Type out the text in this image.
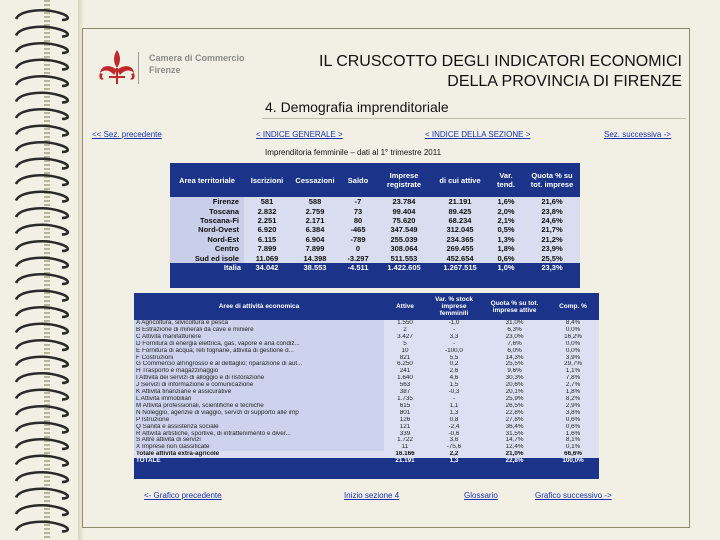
Camera di Commercio
Firenze	IL CRUSCOTTO DEGLI INDICATORI ECONOMICI
DELLA PROVINCIA DI FIRENZE
4. Demografia imprenditoriale
<< Sez. precedente	< INDICE GENERALE >	< INDICE DELLA SEZIONE >	Sez. successiva ->
Imprenditoria femminile – dati al 1° trimestre 2011
Area territoriale	Iscrizioni	Cessazioni	Saldo	Imprese registrate	di cui attive	Var. tend.	Quota % su tot. imprese
Firenze	581	588	-7	23.784	21.191	1,6%	21,6%
Toscana	2.832	2.759	73	99.404	89.425	2,0%	23,8%
Toscana-Fi	2.251	2.171	80	75.620	68.234	2,1%	24,6%
Nord-Ovest	6.920	6.384	-465	347.549	312.045	0,5%	21,7%
Nord-Est	6.115	6.904	-789	255.039	234.365	1,3%	21,2%
Centro	7.899	7.899	0	308.064	269.455	1,8%	23,9%
Sud ed isole	11.069	14.398	-3.297	511.553	452.654	0,6%	25,5%
Italia	34.042	38.553	-4.511	1.422.605	1.267.515	1,0%	23,3%
Aree di attività economica	Attive	Var. % stock imprese femminili	Quota % su tot. imprese attive	Comp. %
A Agricoltura, silvicoltura e pesca	1.550	-1,0	31,0%	8,4%
B Estrazione di minerali da cave e miniere	2	-	6,3%	0,0%
C Attività manifatturiere	3.427	3,3	23,0%	16,2%
D Fornitura di energia elettrica, gas, vapore e aria condiz...	5	-	7,6%	0,0%
E Fornitura di acqua; reti fognarie, attività di gestione d...	10	-100,0	6,0%	0,0%
F Costruzioni	821	5,5	14,3%	3,9%
G Commercio all'ingrosso e al dettaglio; riparazione di aut...	6.250	0,2	25,5%	29,7%
H Trasporto e magazzinaggio	241	2,6	9,6%	1,1%
I Attività dei servizi di alloggio e di ristorazione	1.640	4,6	30,3%	7,8%
J Servizi di informazione e comunicazione	563	1,5	20,6%	2,7%
K Attività finanziarie e assicurative	387	-0,3	20,1%	1,8%
L Attività immobiliari	1.735	-	25,9%	8,2%
M Attività professionali, scientifiche e tecniche	615	1,1	26,5%	2,9%
N Noleggio, agenzie di viaggio, servizi di supporto alle imp	801	1,3	22,8%	3,8%
P Istruzione	126	0,8	27,8%	0,6%
Q Sanità e assistenza sociale	121	-2,4	36,4%	0,6%
R Attività artistiche, sportive, di intrattenimento e diver...	339	-0,6	31,5%	1,6%
S Altre attività di servizi	1.722	3,6	14,7%	8,1%
X Imprese non classificate	11	-75,6	12,4%	0,1%
Totale attività extra-agricole	16.166	2,2	21,0%	66,6%
TOTALE	21.191	1,3	22,8%	100,0%
<- Grafico precedente	Inizio sezione 4	Glossario	Grafico successivo ->
